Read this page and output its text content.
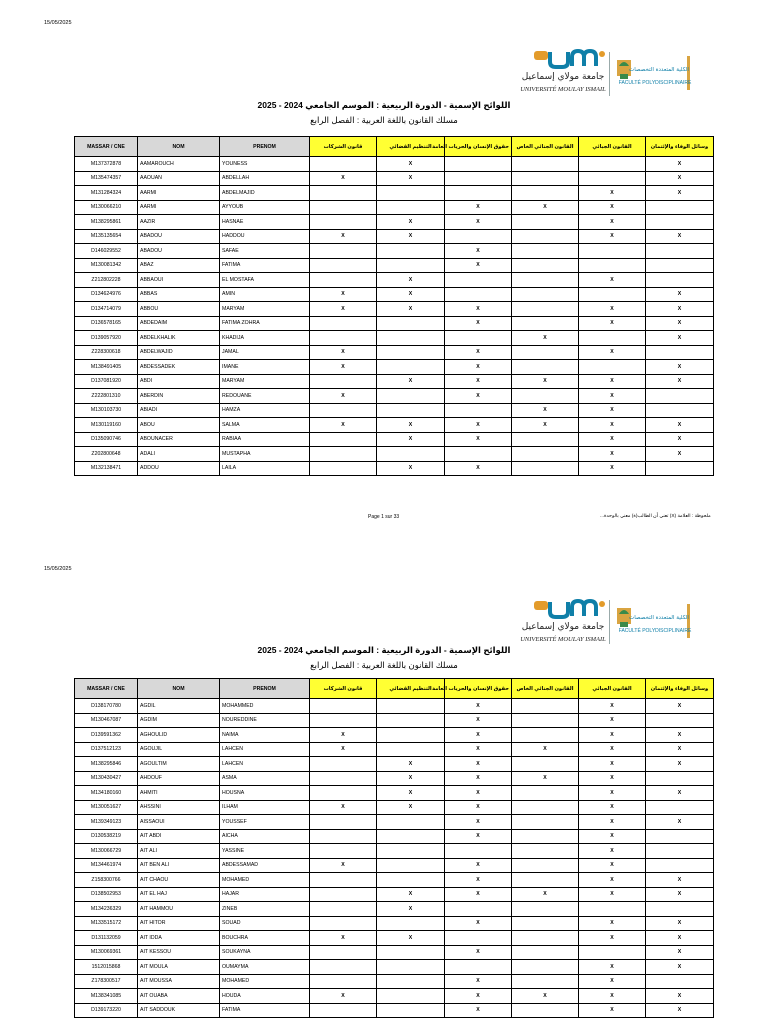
15/05/2025
جامعة مولاي إسماعيل
UNIVERSITÉ MOULAY ISMAIL
الكلية المتعددة التخصصات
FACULTÉ POLYDISCIPLINAIRE
اللوائح الإسمية - الدورة الربيعية : الموسم الجامعي 2024 - 2025
مسلك القانون باللغة العربية : الفصل الرابع
MASSAR / CNE	NOM	PRENOM	قانون الشركات	التنظيم القضائي	حقوق الإنسان والحريات العامة	القانون الجنائي الخاص	القانون الجبائي	وسائل الوفاء والإئتمان
M137372878	AAMAROUCH	YOUNESS		X				X
M135474357	AAOUAN	ABDELLAH	X	X				X
M131284324	AARMI	ABDELMAJID					X	X
M130066210	AARMI	AYYOUB			X	X	X	
M138295861	AAZIR	HASNAE		X	X		X	
M135135654	ABADOU	HADDOU	X	X			X	X
D146029552	ABADOU	SAFAE			X			
M130081342	ABAZ	FATIMA			X			
Z212802228	ABBAOUI	EL MOSTAFA		X			X	
D134624976	ABBAS	AMIN	X	X				X
D134714079	ABBOU	MARYAM	X	X	X		X	X
D136578165	ABDEDAIM	FATIMA ZOHRA			X		X	X
D139057920	ABDELKHALIK	KHADIJA				X		X
Z228300618	ABDELWAJID	JAMAL	X		X		X	
M138491405	ABDESSADEK	IMANE	X		X			X
D137081920	ABDI	MARYAM		X	X	X	X	X
Z222801310	ABERDIN	REDOUANE	X		X		X	
M130103730	ABIADI	HAMZA				X	X	
M130119160	ABOU	SALMA	X	X	X	X	X	X
D135090746	ABOUNACER	RABIAA		X	X		X	X
Z202800648	ADALI	MUSTAPHA					X	X
M132138471	ADDOU	LAILA		X	X		X	
Page 1 sur 33	ملحوظة : العلامة (X) تعني أن الطالب(ة) معني بالوحدة...
15/05/2025
جامعة مولاي إسماعيل
UNIVERSITÉ MOULAY ISMAIL
الكلية المتعددة التخصصات
FACULTÉ POLYDISCIPLINAIRE
اللوائح الإسمية - الدورة الربيعية : الموسم الجامعي 2024 - 2025
مسلك القانون باللغة العربية : الفصل الرابع
MASSAR / CNE	NOM	PRENOM	قانون الشركات	التنظيم القضائي	حقوق الإنسان والحريات العامة	القانون الجنائي الخاص	القانون الجبائي	وسائل الوفاء والإئتمان
D138170780	AGDIL	MOHAMMED			X		X	X
M130467087	AGDIM	NOUREDDINE			X		X	
D139591362	AGHOULID	NAIMA	X		X		X	X
D137512123	AGOUJIL	LAHCEN	X		X	X	X	X
M138295846	AGOULTIM	LAHCEN		X	X		X	X
M130430427	AHDOUF	ASMA		X	X	X	X	
M134180160	AHMITI	HOUSNA		X	X		X	X
M130051627	AHSSINI	ILHAM	X	X	X		X	
M139349123	AISSAOUI	YOUSSEF			X		X	X
D130538219	AIT ABDI	AICHA			X		X	
M130066729	AIT ALI	YASSINE					X	
M134461974	AIT BEN ALI	ABDESSAMAD	X		X		X	
Z158300766	AIT CHAOU	MOHAMED			X		X	X
D138502953	AIT EL HAJ	HAJAR		X	X	X	X	X
M134236329	AIT HAMMOU	ZINEB		X				
M133515172	AIT HITOR	SOUAD			X		X	X
D131132059	AIT IDDA	BOUCHRA	X	X			X	X
M130069361	AIT KESSOU	SOUKAYNA			X			X
1512015868	AIT MOULA	OUMAYMA					X	X
Z178300517	AIT MOUSSA	MOHAMED			X		X	
M138341085	AIT OUABA	HOUDA	X		X	X	X	X
D139173220	AIT SADDOUK	FATIMA			X		X	X
